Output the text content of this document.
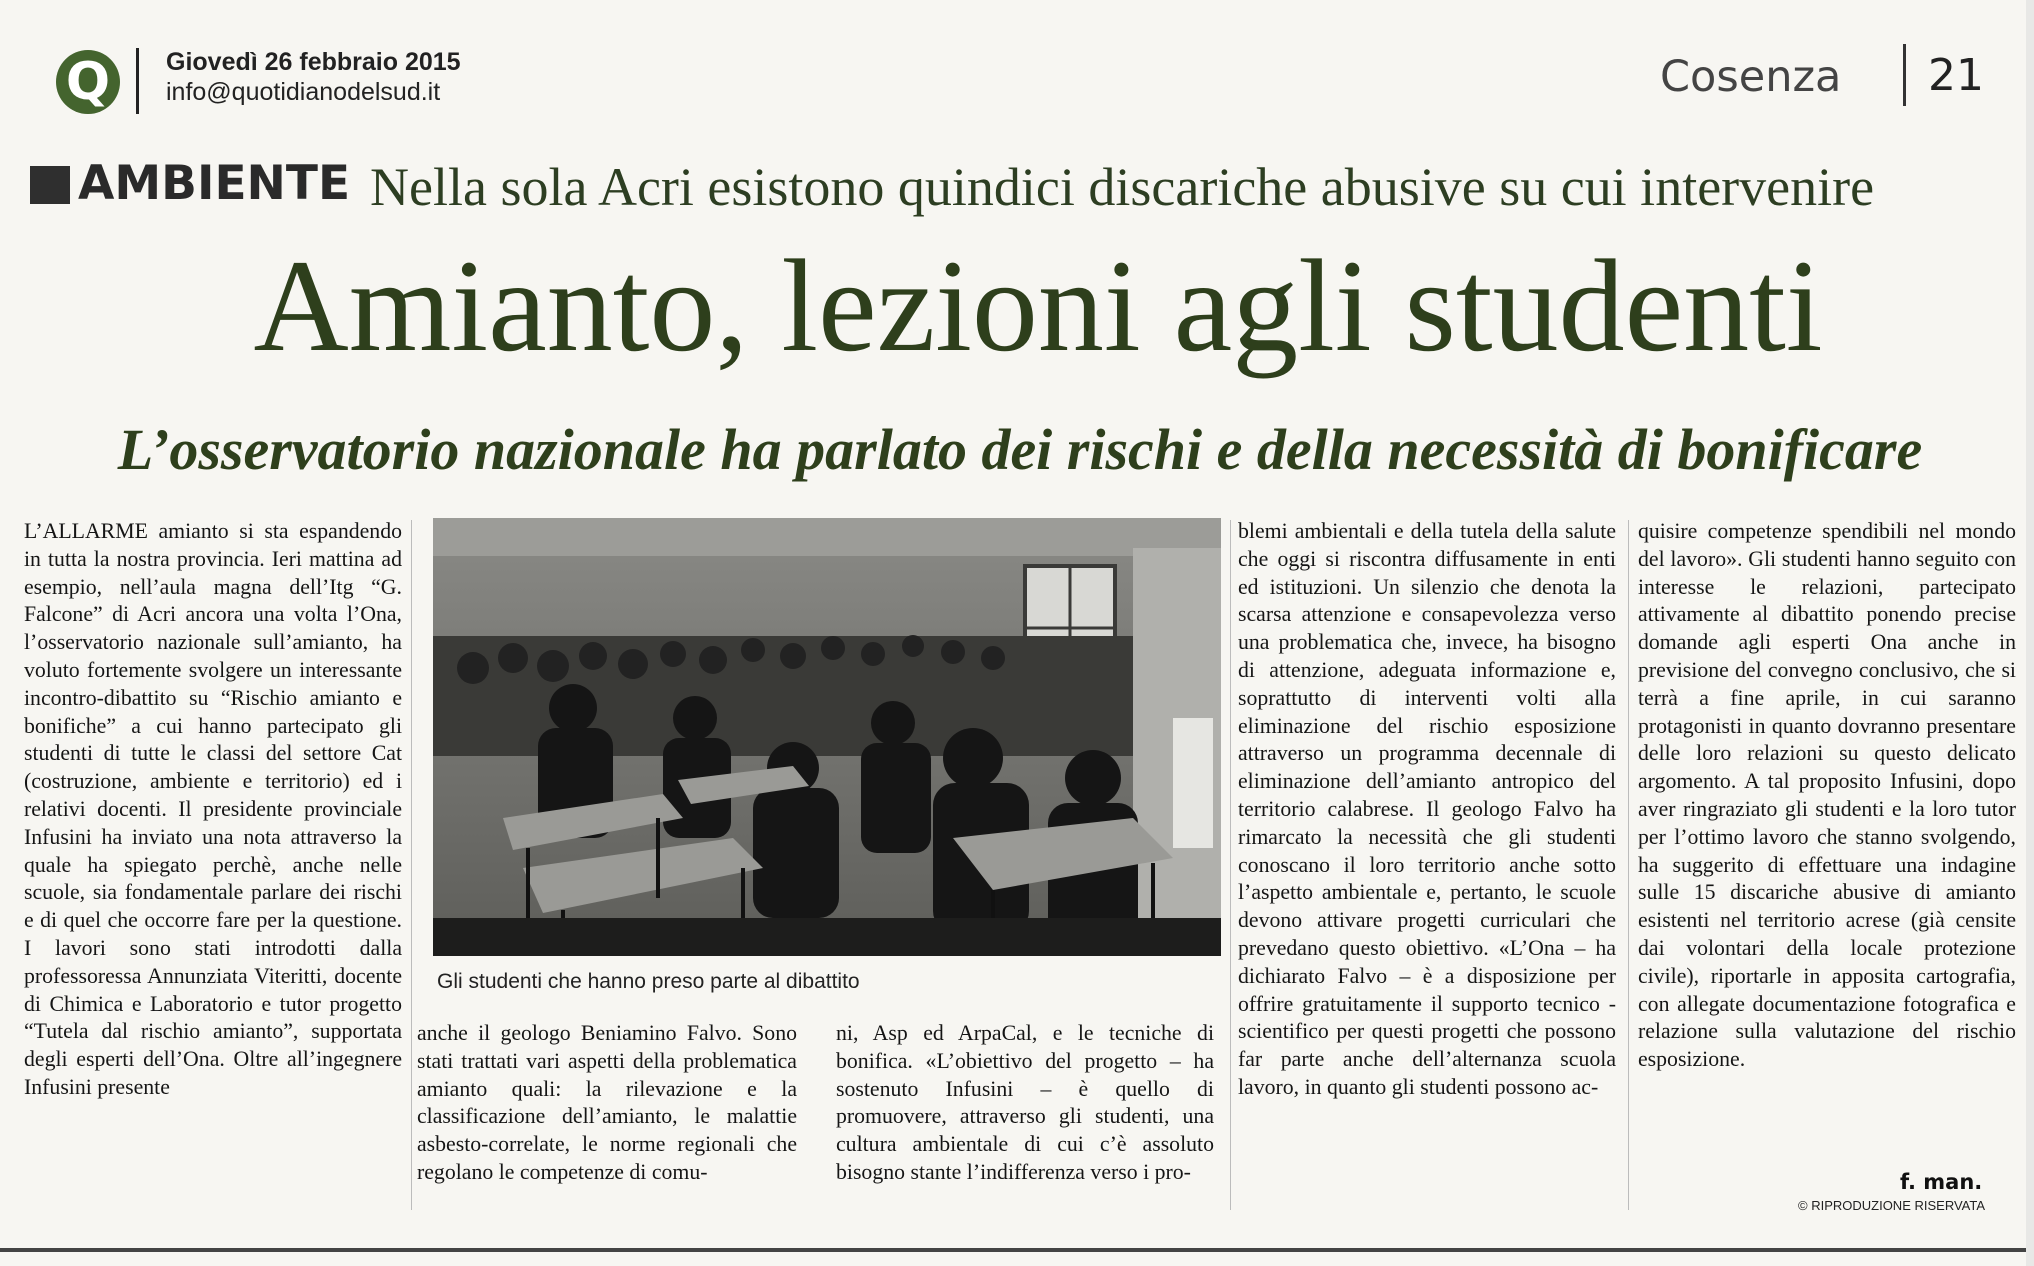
Q	Giovedì 26 febbraio 2015
info@quotidianodelsud.it	Cosenza 21
AMBIENTE Nella sola Acri esistono quindici discariche abusive su cui intervenire
Amianto, lezioni agli studenti
L’osservatorio nazionale ha parlato dei rischi e della necessità di bonificare
L’ALLARME amianto si sta espandendo in tutta la nostra provincia. Ieri mattina ad esempio, nell’aula magna dell’Itg “G. Falcone” di Acri ancora una volta l’Ona, l’osservatorio nazionale sull’amianto, ha voluto fortemente svolgere un interessante incontro-dibattito su “Rischio amianto e bonifiche” a cui hanno partecipato gli studenti di tutte le classi del settore Cat (costruzione, ambiente e territorio) ed i relativi docenti. Il presidente provinciale Infusini ha inviato una nota attraverso la quale ha spiegato perchè, anche nelle scuole, sia fondamentale parlare dei rischi e di quel che occorre fare per la questione. I lavori sono stati introdotti dalla professoressa Annunziata Viteritti, docente di Chimica e Laboratorio e tutor progetto “Tutela dal rischio amianto”, supportata degli esperti dell’Ona. Oltre all’ingegnere Infusini presente
Gli studenti che hanno preso parte al dibattito
anche il geologo Beniamino Falvo. Sono stati trattati vari aspetti della problematica amianto quali: la rilevazione e la classificazione dell’amianto, le malattie asbesto-correlate, le norme regionali che regolano le competenze di comu-
ni, Asp ed ArpaCal, e le tecniche di bonifica. «L’obiettivo del progetto – ha sostenuto Infusini – è quello di promuovere, attraverso gli studenti, una cultura ambientale di cui c’è assoluto bisogno stante l’indifferenza verso i pro-
blemi ambientali e della tutela della salute che oggi si riscontra diffusamente in enti ed istituzioni. Un silenzio che denota la scarsa attenzione e consapevolezza verso una problematica che, invece, ha bisogno di attenzione, adeguata informazione e, soprattutto di interventi volti alla eliminazione del rischio esposizione attraverso un programma decennale di eliminazione dell’amianto antropico del territorio calabrese. Il geologo Falvo ha rimarcato la necessità che gli studenti conoscano il loro territorio anche sotto l’aspetto ambientale e, pertanto, le scuole devono attivare progetti curriculari che prevedano questo obiettivo. «L’Ona – ha dichiarato Falvo – è a disposizione per offrire gratuitamente il supporto tecnico - scientifico per questi progetti che possono far parte anche dell’alternanza scuola lavoro, in quanto gli studenti possono ac-
quisire competenze spendibili nel mondo del lavoro». Gli studenti hanno seguito con interesse le relazioni, partecipato attivamente al dibattito ponendo precise domande agli esperti Ona anche in previsione del convegno conclusivo, che si terrà a fine aprile, in cui saranno protagonisti in quanto dovranno presentare delle loro relazioni su questo delicato argomento. A tal proposito Infusini, dopo aver ringraziato gli studenti e la loro tutor per l’ottimo lavoro che stanno svolgendo, ha suggerito di effettuare una indagine sulle 15 discariche abusive di amianto esistenti nel territorio acrese (già censite dai volontari della locale protezione civile), riportarle in apposita cartografia, con allegate documentazione fotografica e relazione sulla valutazione del rischio esposizione.
f. man.
© RIPRODUZIONE RISERVATA
